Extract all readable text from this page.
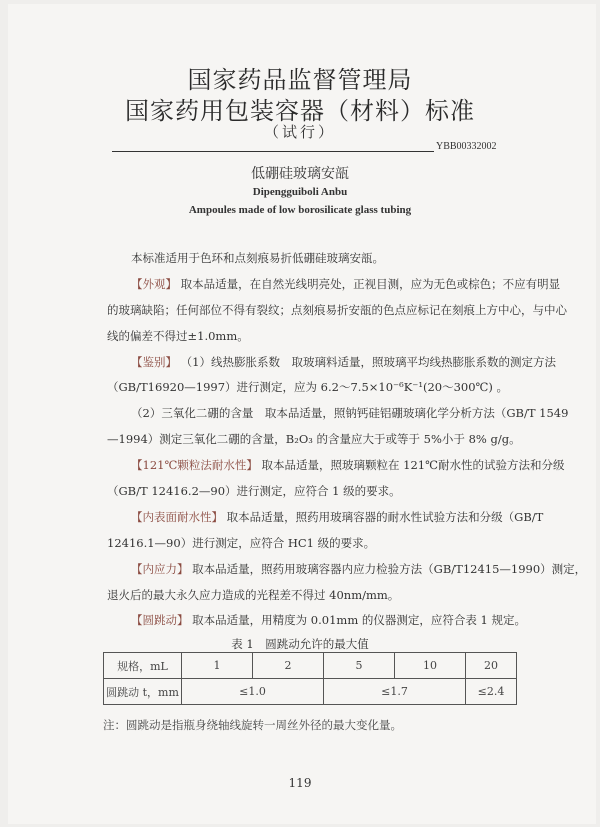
国家药品监督管理局
国家药用包装容器（材料）标准
（试行）
YBB00332002
低硼硅玻璃安瓿
Dipengguiboli Anbu
Ampoules made of low borosilicate glass tubing
本标准适用于色环和点刻痕易折低硼硅玻璃安瓿。
【外观】 取本品适量，在自然光线明亮处，正视目测，应为无色或棕色；不应有明显
的玻璃缺陷；任何部位不得有裂纹；点刻痕易折安瓿的色点应标记在刻痕上方中心，与中心
线的偏差不得过±1.0mm。
【鉴别】 （1）线热膨胀系数　取玻璃料适量，照玻璃平均线热膨胀系数的测定方法
（GB/T16920—1997）进行测定，应为 6.2～7.5×10⁻⁶K⁻¹(20～300℃) 。
（2）三氧化二硼的含量　取本品适量，照钠钙硅铝硼玻璃化学分析方法（GB/T 1549
—1994）测定三氧化二硼的含量，B₂O₃ 的含量应大于或等于 5%小于 8% g/g。
【121℃颗粒法耐水性】 取本品适量，照玻璃颗粒在 121℃耐水性的试验方法和分级
（GB/T 12416.2—90）进行测定，应符合 1 级的要求。
【内表面耐水性】 取本品适量，照药用玻璃容器的耐水性试验方法和分级（GB/T
12416.1—90）进行测定，应符合 HC1 级的要求。
【内应力】 取本品适量，照药用玻璃容器内应力检验方法（GB/T12415—1990）测定，
退火后的最大永久应力造成的光程差不得过 40nm/mm。
【圆跳动】 取本品适量，用精度为 0.01mm 的仪器测定，应符合表 1 规定。
表 1　圆跳动允许的最大值
规格，mL	1	2	5	10	20
圆跳动 t，mm	≤1.0		≤1.7		≤2.4
注：圆跳动是指瓶身绕轴线旋转一周丝外径的最大变化量。
119
